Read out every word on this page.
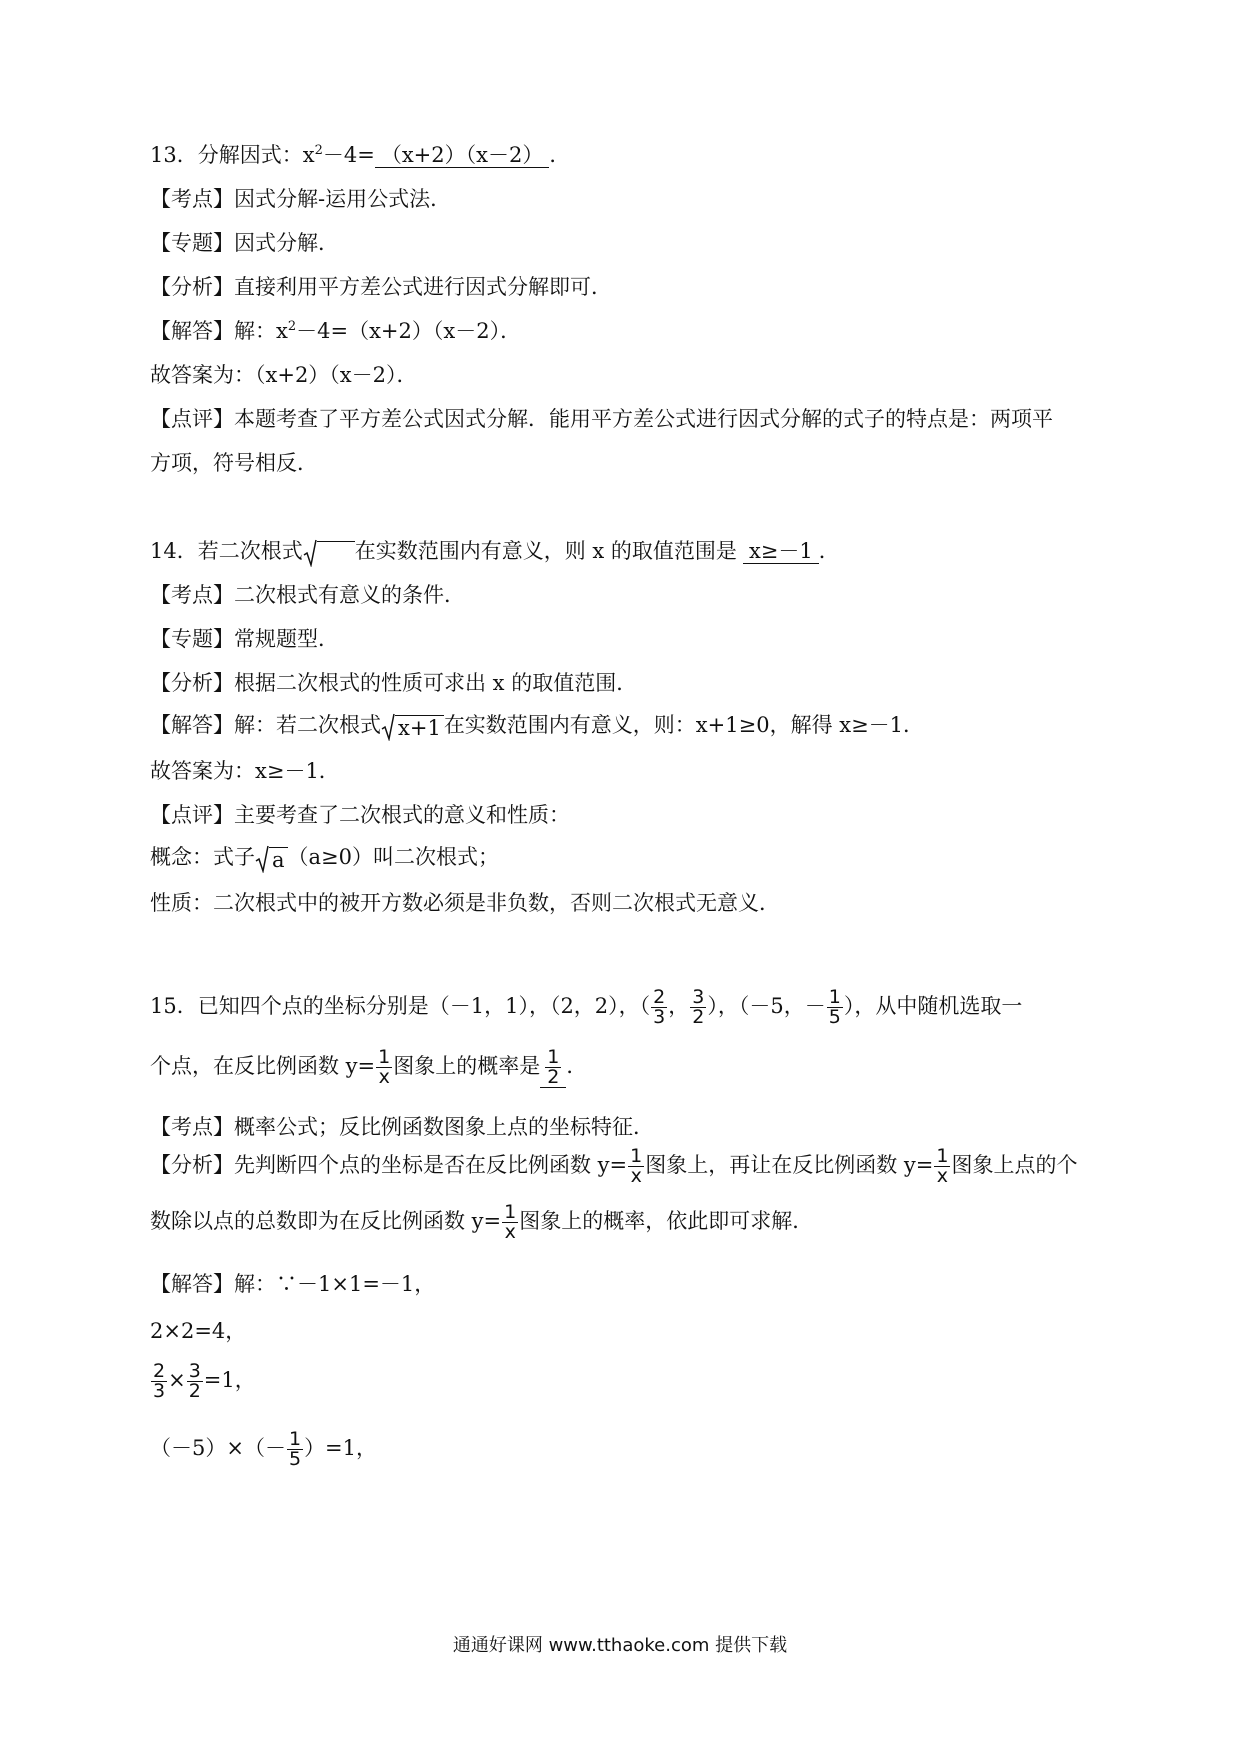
13．分解因式：$x^2-4= (x+2)(x-2)$ ．
【考点】因式分解-运用公式法．
【专题】因式分解．
【分析】直接利用平方差公式进行因式分解即可．
【解答】解：$x^2-4=(x+2)(x-2)$．
故答案为：（x+2）（x－2）．
【点评】本题考查了平方差公式因式分解．能用平方差公式进行因式分解的式子的特点是：两项平
方项，符号相反．
14．若二次根式 在实数范围内有意义，则 x 的取值范围是 x≥－1 ．
【考点】二次根式有意义的条件．
【专题】常规题型．
【分析】根据二次根式的性质可求出 x 的取值范围．
【解答】解：若二次根式 x+1 在实数范围内有意义，则：x+1≥0，解得 x≥－1．
故答案为：x≥－1．
【点评】主要考查了二次根式的意义和性质：
概念：式子 a （a≥0）叫二次根式；
性质：二次根式中的被开方数必须是非负数，否则二次根式无意义．
15．已知四个点的坐标分别是（－1，1），（2，2），（ $\frac{2}{3}$ ， $\frac{3}{2}$ ），（－5，－ $\frac{1}{5}$ ），从中随机选取一
个点，在反比例函数 $y= \frac{1}{x}$ 图象上的概率是 $\frac{1}{2}$ ．
【考点】概率公式；反比例函数图象上点的坐标特征．
【分析】先判断四个点的坐标是否在反比例函数 $y= \frac{1}{x}$ 图象上，再让在反比例函数 $y= \frac{1}{x}$ 图象上点的个
数除以点的总数即为在反比例函数 $y= \frac{1}{x}$ 图象上的概率，依此即可求解．
【解答】解：∵－1×1=－1，
2×2=4，
$\frac{2}{3} \times \frac{3}{2} =1$，
$(-5)\times(- \frac{1}{5} )=1$，
通通好课网 www.tthaoke.com 提供下载
